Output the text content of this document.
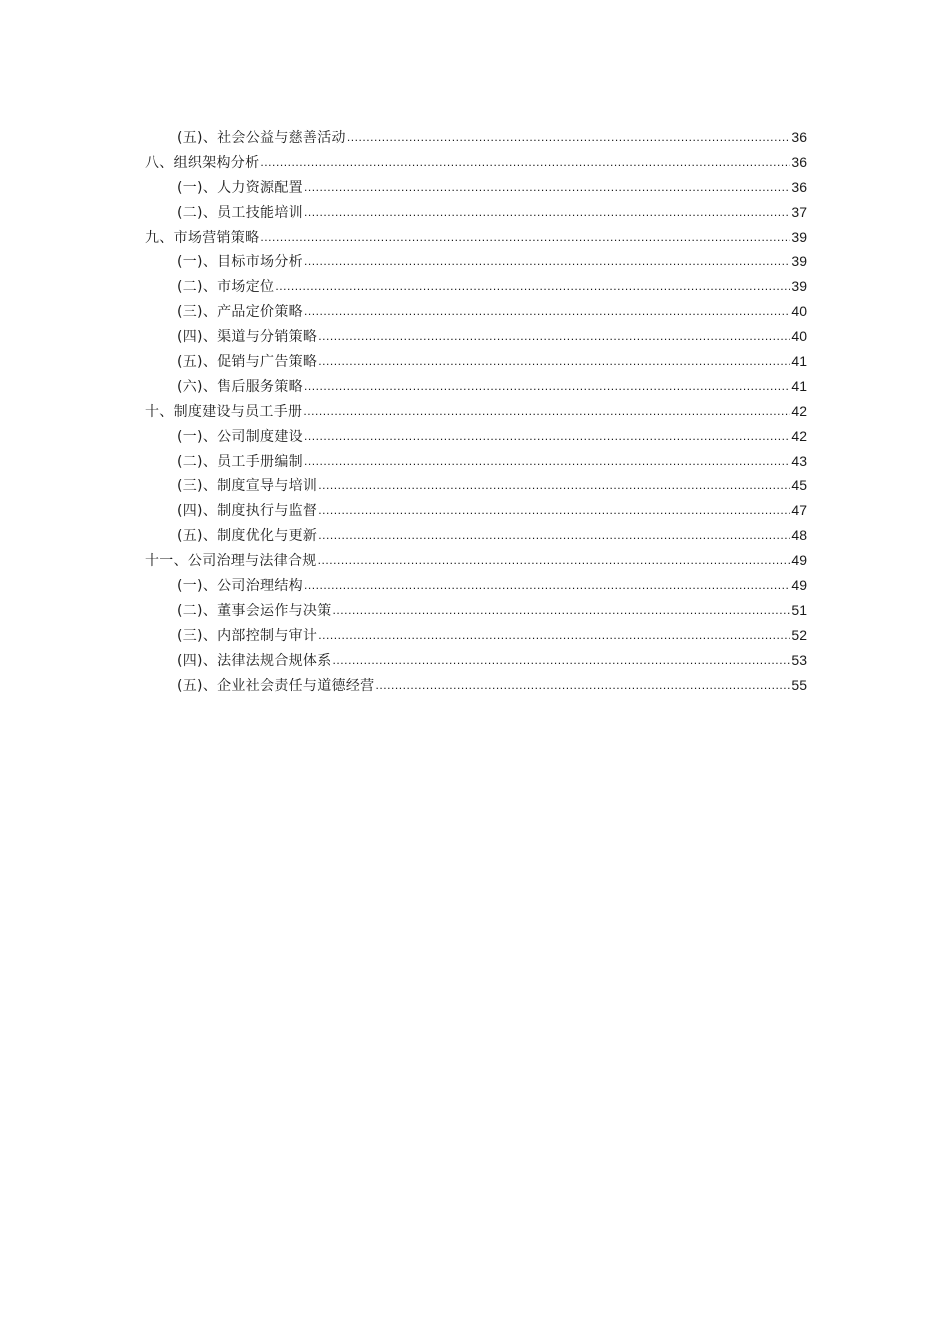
(五)、社会公益与慈善活动 .....	36
八、组织架构分析 .....	36
(一)、人力资源配置 .....	36
(二)、员工技能培训 .....	37
九、市场营销策略 .....	39
(一)、目标市场分析 .....	39
(二)、市场定位 .....	39
(三)、产品定价策略 .....	40
(四)、渠道与分销策略 .....	40
(五)、促销与广告策略 .....	41
(六)、售后服务策略 .....	41
十、制度建设与员工手册 .....	42
(一)、公司制度建设 .....	42
(二)、员工手册编制 .....	43
(三)、制度宣导与培训 .....	45
(四)、制度执行与监督 .....	47
(五)、制度优化与更新 .....	48
十一、公司治理与法律合规 .....	49
(一)、公司治理结构 .....	49
(二)、董事会运作与决策 .....	51
(三)、内部控制与审计 .....	52
(四)、法律法规合规体系 .....	53
(五)、企业社会责任与道德经营 .....	55
